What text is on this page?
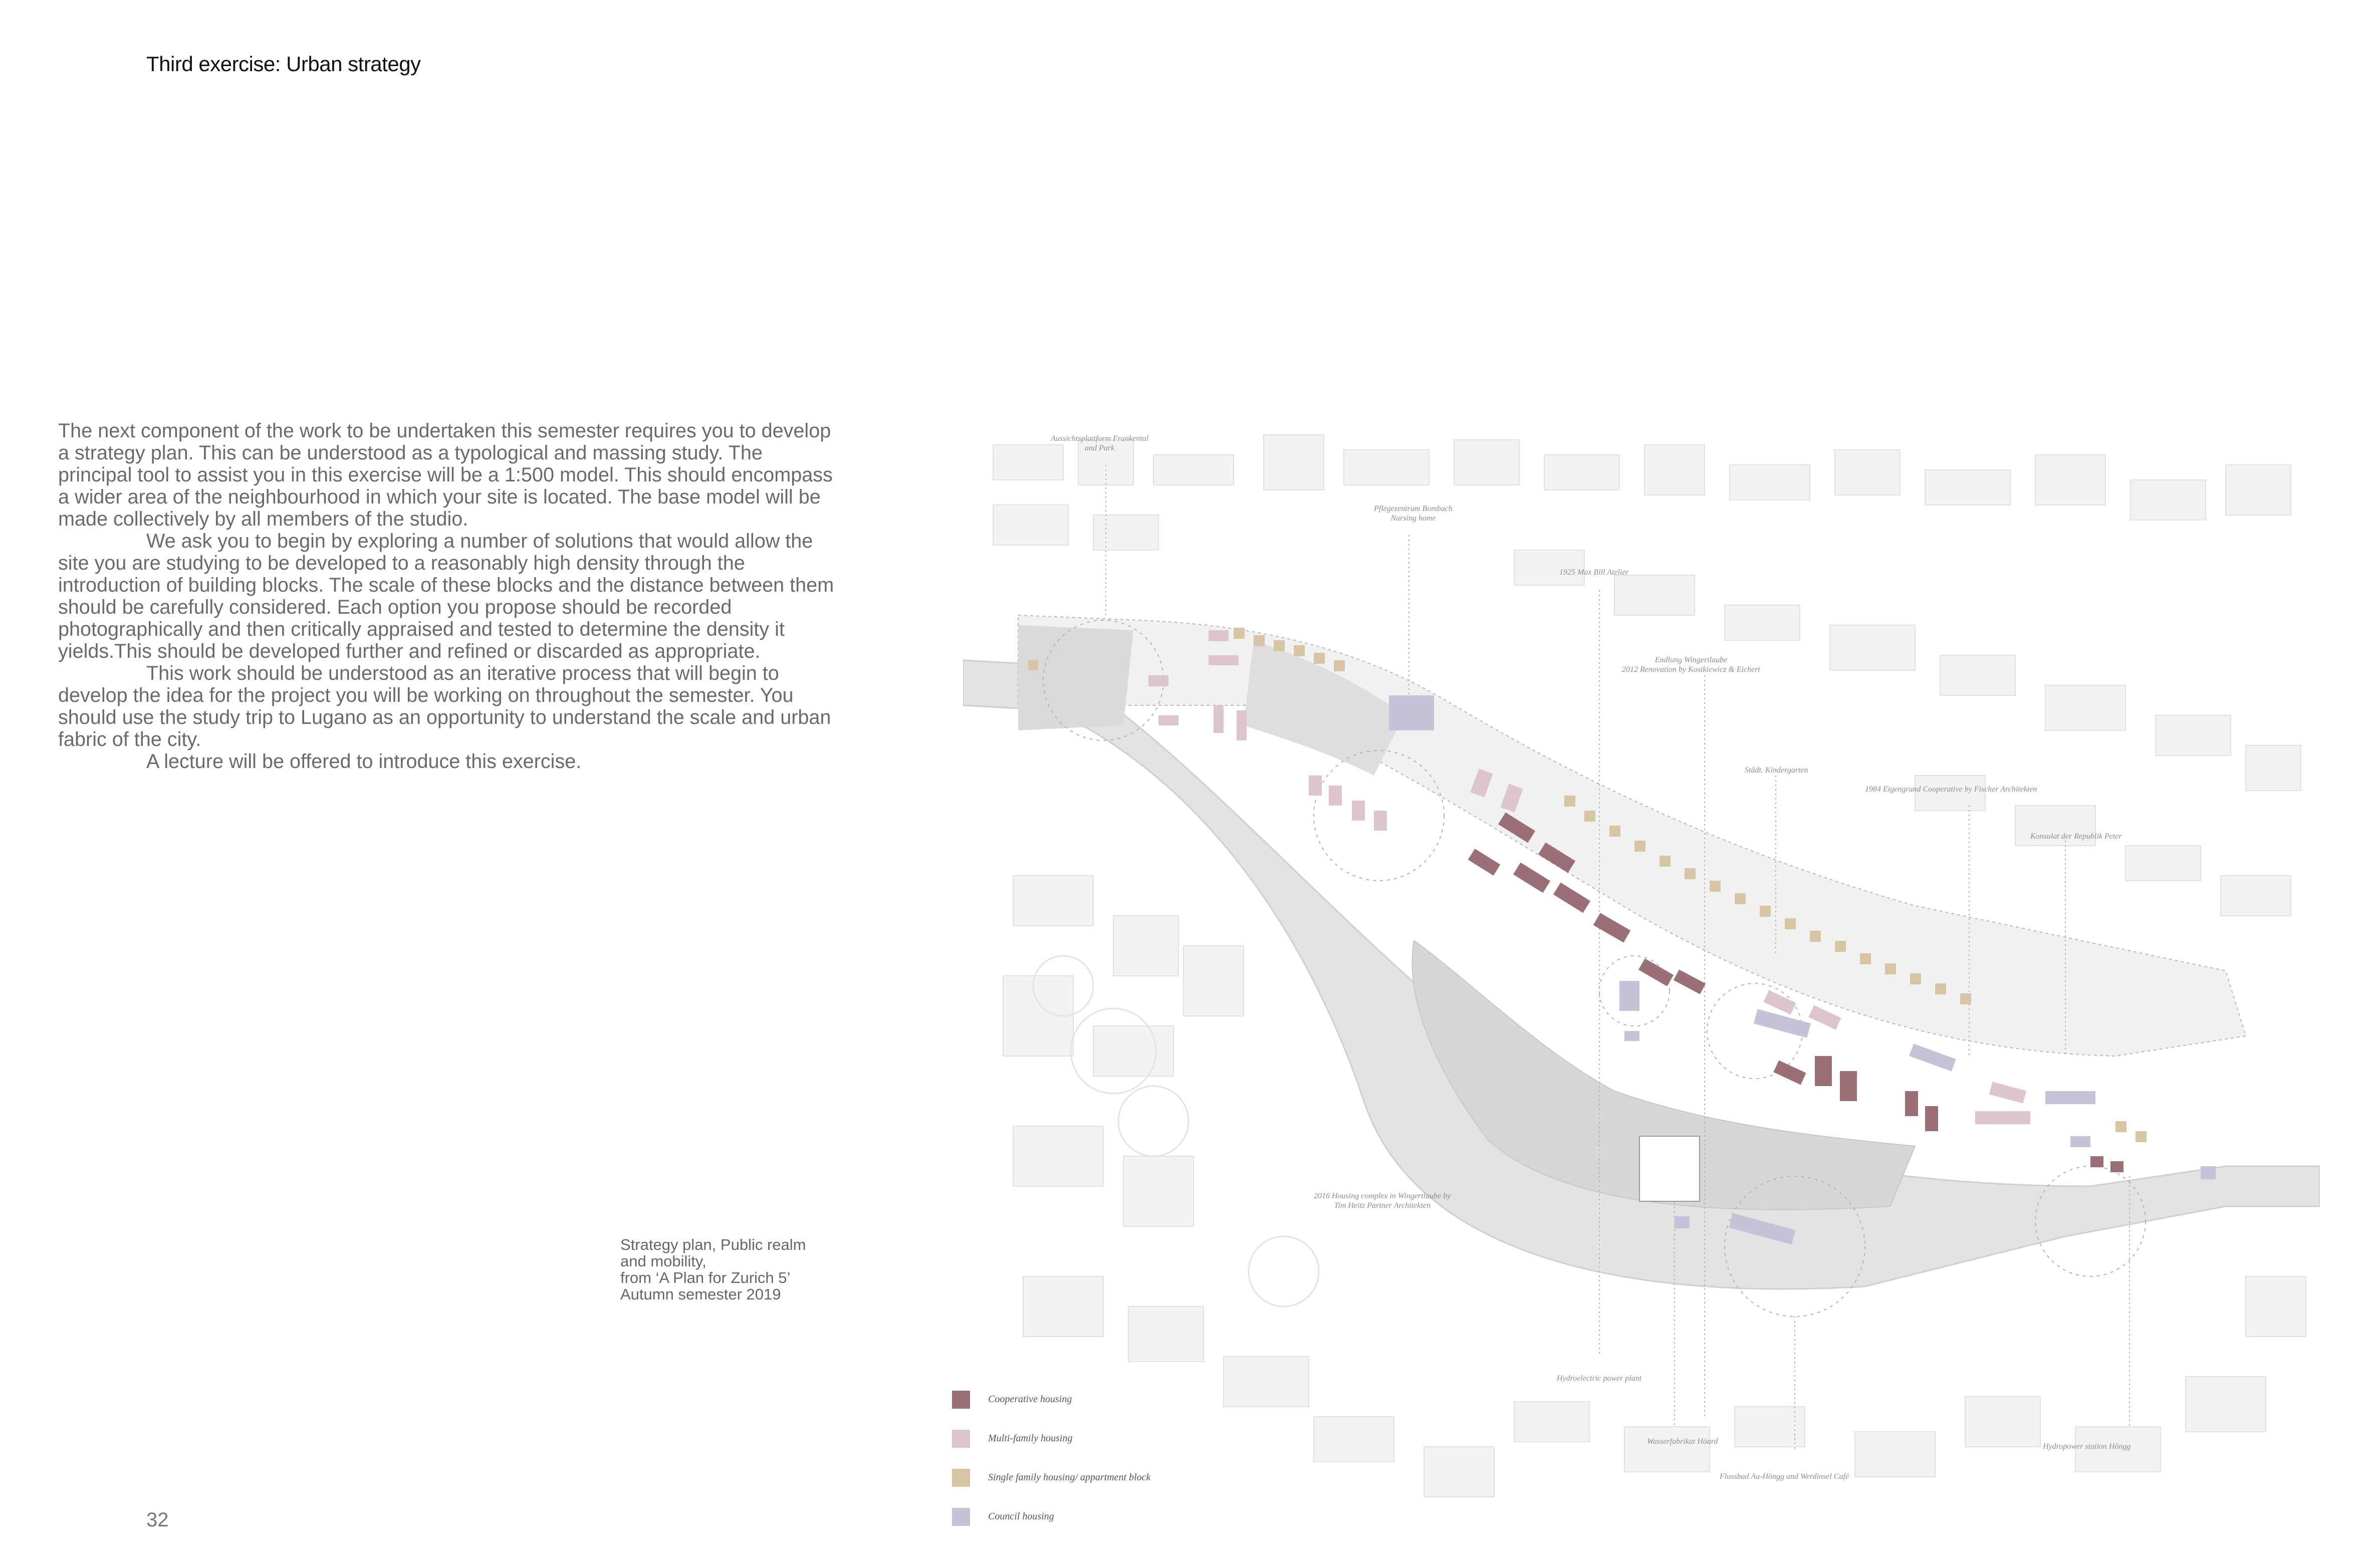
Third exercise: Urban strategy

The next component of the work to be undertaken this semester requires you to develop a strategy plan. This can be understood as a typological and massing study. The principal tool to assist you in this exercise will be a 1:500 model. This should encompass a wider area of the neighbourhood in which your site is located. The base model will be made collectively by all members of the studio.

We ask you to begin by exploring a number of solutions that would allow the site you are studying to be developed to a reasonably high density through the introduction of building blocks. The scale of these blocks and the distance between them should be carefully considered. Each option you propose should be recorded photographically and then critically appraised and tested to determine the density it yields.This should be developed further and refined or discarded as appropriate.

This work should be understood as an iterative process that will begin to develop the idea for the project you will be working on throughout the semester. You should use the study trip to Lugano as an opportunity to understand the scale and urban fabric of the city.

A lecture will be offered to introduce this exercise.

Strategy plan, Public realm
and mobility,
from ‘A Plan for Zurich 5’
Autumn semester 2019
32
Aussichtsplattform Frankental
and Park
Pflegezentrum Bombach
Nursing home
1925 Max Bill Atelier
Endlung Wingertlaube
2012 Renovation by Kostkiewicz & Eichert
Städt. Kindergarten
1984 Eigengrund Cooperative by Fischer Architekten
Konsulat der Republik Peter
2016 Housing complex in Wingertlaube by
Tim Heitz Partner Architekten
Hydroelectric power plant
Wasserfabrikat Höard
Flussbad Au-Höngg and Werdinsel Café
Hydropower station Höngg
Cooperative housing
Multi-family housing
Single family housing/ appartment block
Council housing
